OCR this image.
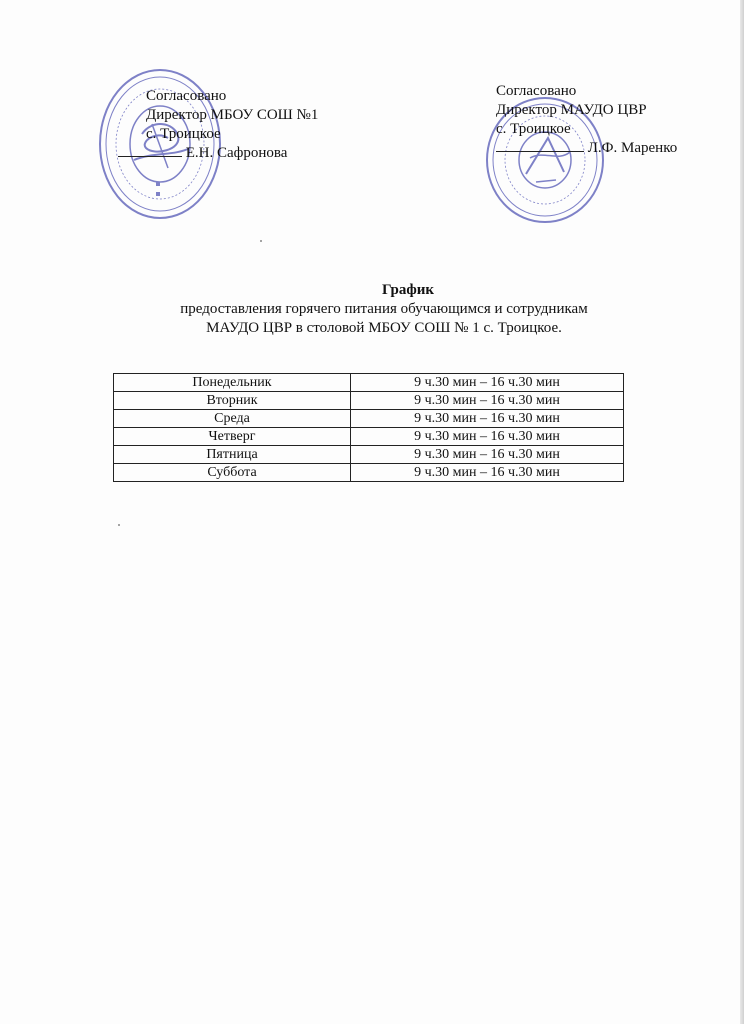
Согласовано
Директор МБОУ СОШ №1
с. Троицкое
Е.Н. Сафронова
Согласовано
Директор МАУДО ЦВР
с. Троицкое
Л.Ф. Маренко
График
предоставления горячего питания обучающимся и сотрудникам
МАУДО ЦВР в столовой МБОУ СОШ № 1 с. Троицкое.
Понедельник	9 ч.30 мин – 16 ч.30 мин
Вторник	9 ч.30 мин – 16 ч.30 мин
Среда	9 ч.30 мин – 16 ч.30 мин
Четверг	9 ч.30 мин – 16 ч.30 мин
Пятница	9 ч.30 мин – 16 ч.30 мин
Суббота	9 ч.30 мин – 16 ч.30 мин
